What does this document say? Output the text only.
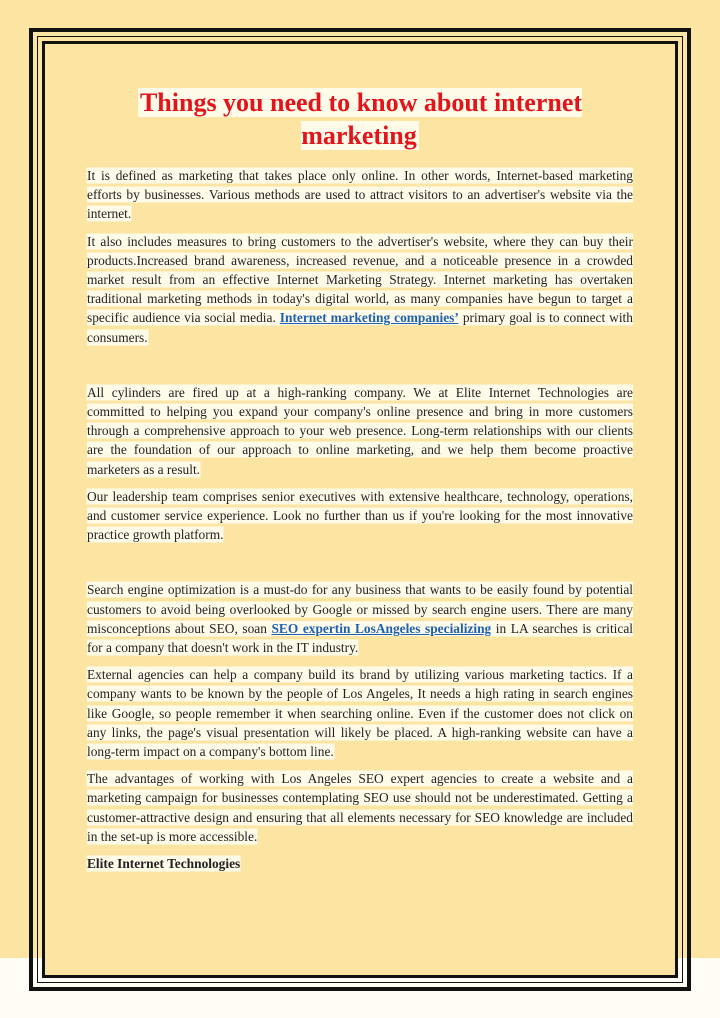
Things you need to know about internet marketing

It is defined as marketing that takes place only online. In other words, Internet-based marketing efforts by businesses. Various methods are used to attract visitors to an advertiser's website via the internet.

It also includes measures to bring customers to the advertiser's website, where they can buy their products.Increased brand awareness, increased revenue, and a noticeable presence in a crowded market result from an effective Internet Marketing Strategy. Internet marketing has overtaken traditional marketing methods in today's digital world, as many companies have begun to target a specific audience via social media. Internet marketing companies’ primary goal is to connect with consumers.

All cylinders are fired up at a high-ranking company. We at Elite Internet Technologies are committed to helping you expand your company's online presence and bring in more customers through a comprehensive approach to your web presence. Long-term relationships with our clients are the foundation of our approach to online marketing, and we help them become proactive marketers as a result.

Our leadership team comprises senior executives with extensive healthcare, technology, operations, and customer service experience. Look no further than us if you're looking for the most innovative practice growth platform.

Search engine optimization is a must-do for any business that wants to be easily found by potential customers to avoid being overlooked by Google or missed by search engine users. There are many misconceptions about SEO, soan SEO expertin LosAngeles specializing in LA searches is critical for a company that doesn't work in the IT industry.

External agencies can help a company build its brand by utilizing various marketing tactics. If a company wants to be known by the people of Los Angeles, It needs a high rating in search engines like Google, so people remember it when searching online. Even if the customer does not click on any links, the page's visual presentation will likely be placed. A high-ranking website can have a long-term impact on a company's bottom line.

The advantages of working with Los Angeles SEO expert agencies to create a website and a marketing campaign for businesses contemplating SEO use should not be underestimated. Getting a customer-attractive design and ensuring that all elements necessary for SEO knowledge are included in the set-up is more accessible.

Elite Internet Technologies
